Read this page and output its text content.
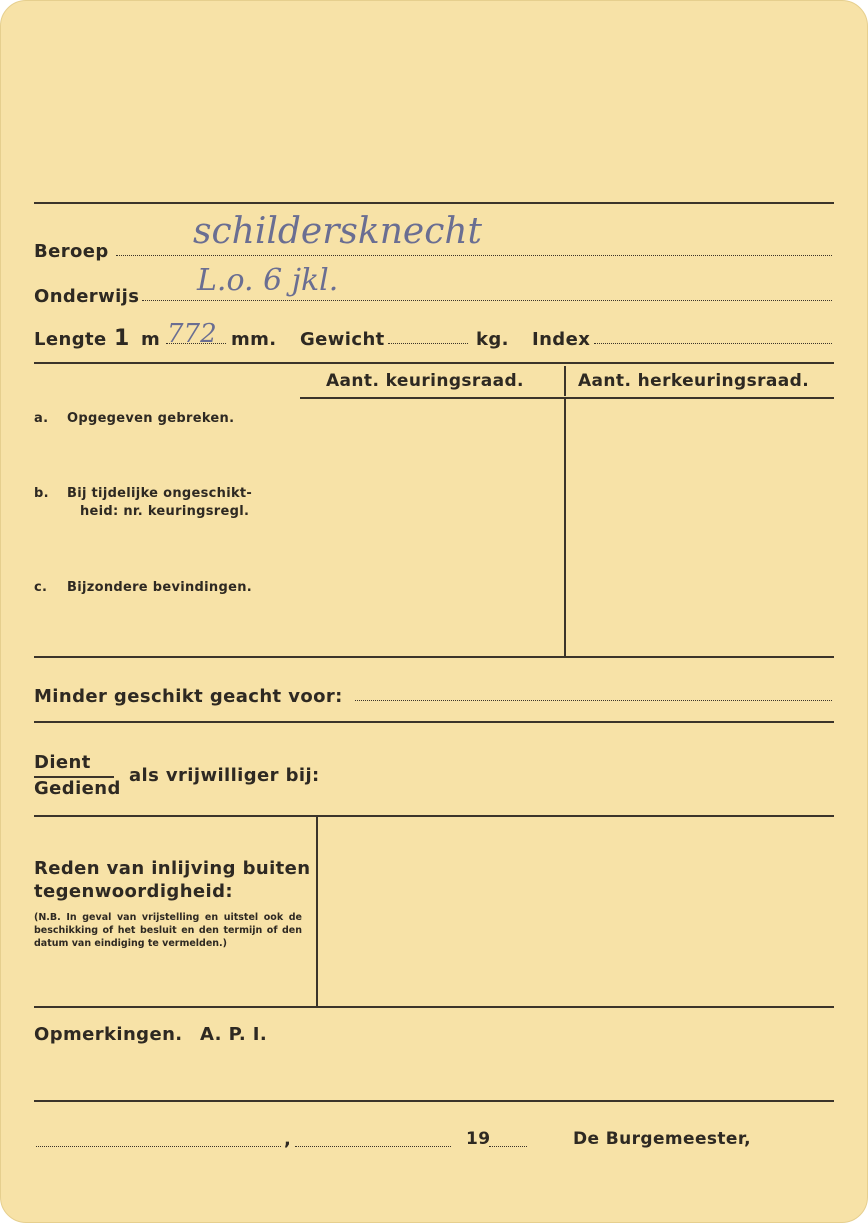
Beroep schildersknecht
Onderwijs L.o. 6 jkl.
Lengte 1 m 772 mm. Gewicht	kg. Index
Aant. keuringsraad.	Aant. herkeuringsraad.
a. Opgegeven gebreken.
b. Bij tijdelijke ongeschikt-
heid: nr. keuringsregl.
c. Bijzondere bevindingen.
Minder geschikt geacht voor:
Dient
Gediend
als vrijwilliger bij:
Reden van inlijving buiten
tegenwoordigheid:
(N.B. In geval van vrijstelling en uitstel ook de beschikking of het besluit en den termijn of den datum van eindiging te vermelden.)
Opmerkingen. A. P. I.
,	19	De Burgemeester,
